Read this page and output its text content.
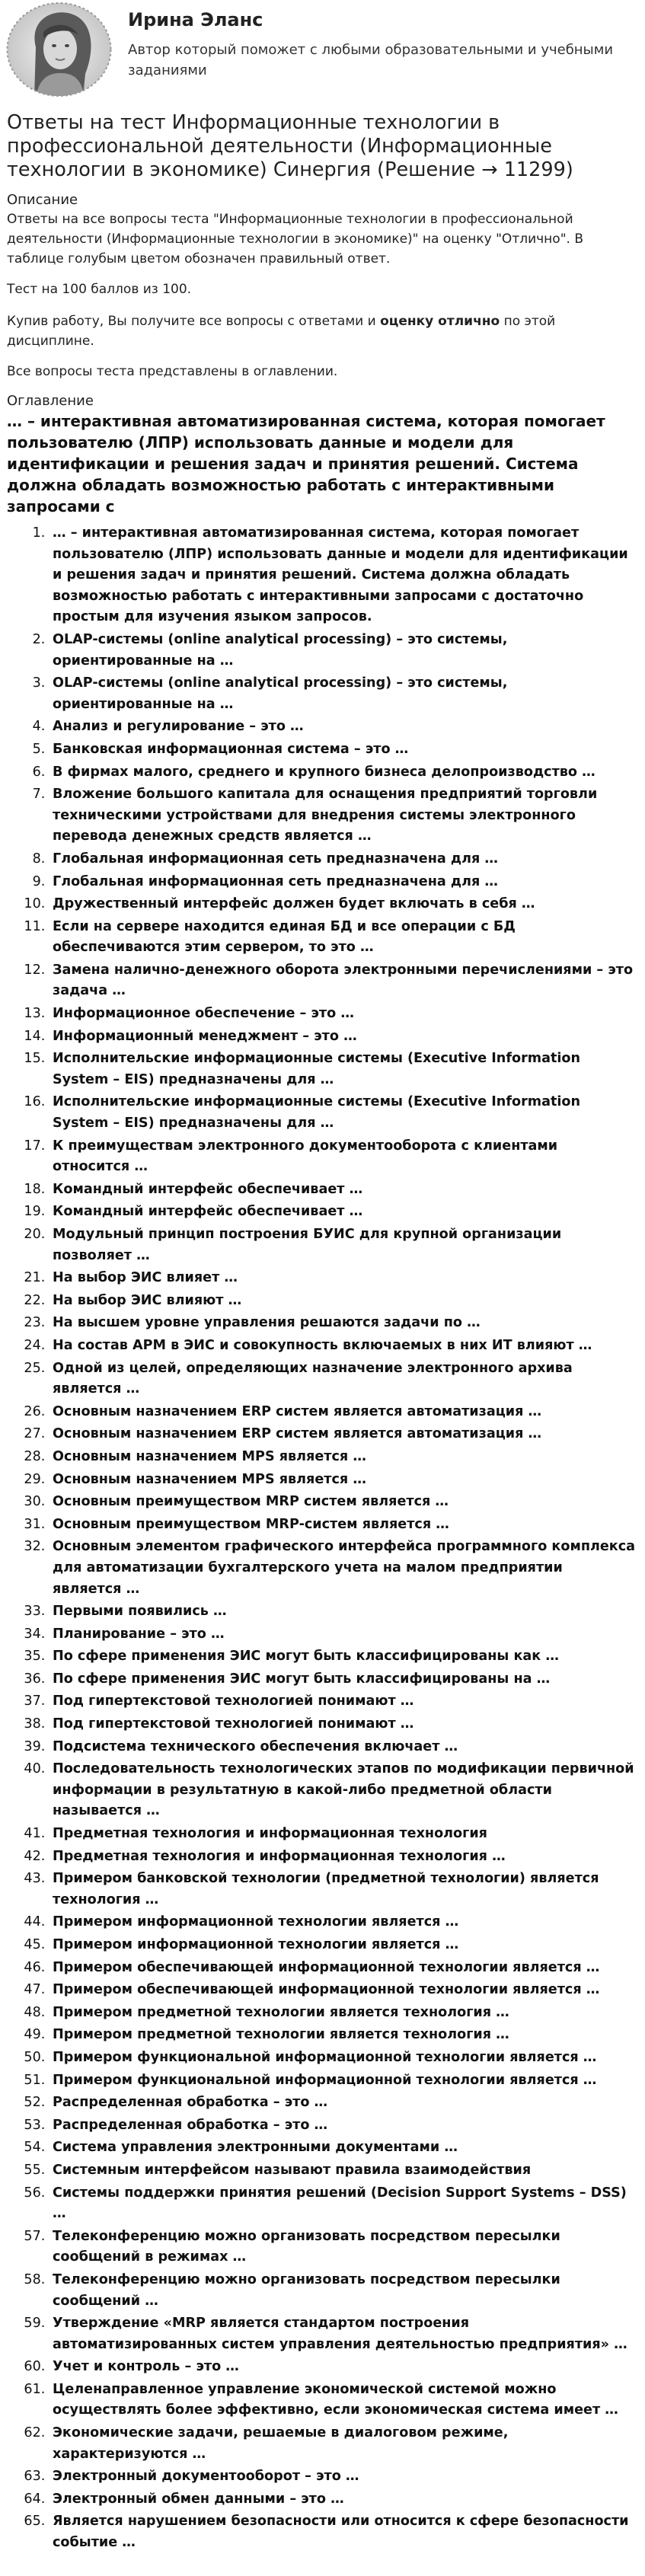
Ирина Эланс
Автор который поможет с любыми образовательными и учебными заданиями
Ответы на тест Информационные технологии в профессиональной деятельности (Информационные технологии в экономике) Синергия (Решение → 11299)
Описание

Ответы на все вопросы теста "Информационные технологии в профессиональной деятельности (Информационные технологии в экономике)" на оценку "Отлично". В таблице голубым цветом обозначен правильный ответ.

Тест на 100 баллов из 100.

Купив работу, Вы получите все вопросы с ответами и оценку отлично по этой дисциплине.

Все вопросы теста представлены в оглавлении.

Оглавление
… – интерактивная автоматизированная система, которая помогает пользователю (ЛПР) использовать данные и модели для идентификации и решения задач и принятия решений. Система должна обладать возможностью работать с интерактивными запросами с
1. … – интерактивная автоматизированная система, которая помогает пользователю (ЛПР) использовать данные и модели для идентификации и решения задач и принятия решений. Система должна обладать возможностью работать с интерактивными запросами с достаточно простым для изучения языком запросов.
2. OLAP-системы (online analytical processing) – это системы, ориентированные на …
3. OLAP-системы (online analytical processing) – это системы, ориентированные на …
4. Анализ и регулирование – это …
5. Банковская информационная система – это …
6. В фирмах малого, среднего и крупного бизнеса делопроизводство …
7. Вложение большого капитала для оснащения предприятий торговли техническими устройствами для внедрения системы электронного перевода денежных средств является …
8. Глобальная информационная сеть предназначена для …
9. Глобальная информационная сеть предназначена для …
10. Дружественный интерфейс должен будет включать в себя …
11. Если на сервере находится единая БД и все операции с БД обеспечиваются этим сервером, то это …
12. Замена налично-денежного оборота электронными перечислениями – это задача …
13. Информационное обеспечение – это …
14. Информационный менеджмент – это …
15. Исполнительские информационные системы (Executive Information System – EIS) предназначены для …
16. Исполнительские информационные системы (Executive Information System – EIS) предназначены для …
17. К преимуществам электронного документооборота с клиентами относится …
18. Командный интерфейс обеспечивает …
19. Командный интерфейс обеспечивает …
20. Модульный принцип построения БУИС для крупной организации позволяет …
21. На выбор ЭИС влияет …
22. На выбор ЭИС влияют …
23. На высшем уровне управления решаются задачи по …
24. На состав АРМ в ЭИС и совокупность включаемых в них ИТ влияют …
25. Одной из целей, определяющих назначение электронного архива является …
26. Основным назначением ERP систем является автоматизация …
27. Основным назначением ERP систем является автоматизация …
28. Основным назначением MPS является …
29. Основным назначением MPS является …
30. Основным преимуществом MRP систем является …
31. Основным преимуществом MRP-систем является …
32. Основным элементом графического интерфейса программного комплекса для автоматизации бухгалтерского учета на малом предприятии является …
33. Первыми появились …
34. Планирование – это …
35. По сфере применения ЭИС могут быть классифицированы как …
36. По сфере применения ЭИС могут быть классифицированы на …
37. Под гипертекстовой технологией понимают …
38. Под гипертекстовой технологией понимают …
39. Подсистема технического обеспечения включает …
40. Последовательность технологических этапов по модификации первичной информации в результатную в какой-либо предметной области называется …
41. Предметная технология и информационная технология
42. Предметная технология и информационная технология …
43. Примером банковской технологии (предметной технологии) является технология …
44. Примером информационной технологии является …
45. Примером информационной технологии является …
46. Примером обеспечивающей информационной технологии является …
47. Примером обеспечивающей информационной технологии является …
48. Примером предметной технологии является технология …
49. Примером предметной технологии является технология …
50. Примером функциональной информационной технологии является …
51. Примером функциональной информационной технологии является …
52. Распределенная обработка – это …
53. Распределенная обработка – это …
54. Система управления электронными документами …
55. Системным интерфейсом называют правила взаимодействия
56. Системы поддержки принятия решений (Decision Support Systems – DSS) …
57. Телеконференцию можно организовать посредством пересылки сообщений в режимах …
58. Телеконференцию можно организовать посредством пересылки сообщений …
59. Утверждение «MRP является стандартом построения автоматизированных систем управления деятельностью предприятия» …
60. Учет и контроль – это …
61. Целенаправленное управление экономической системой можно осуществлять более эффективно, если экономическая система имеет …
62. Экономические задачи, решаемые в диалоговом режиме, характеризуются …
63. Электронный документооборот – это …
64. Электронный обмен данными – это …
65. Является нарушением безопасности или относится к сфере безопасности событие …
